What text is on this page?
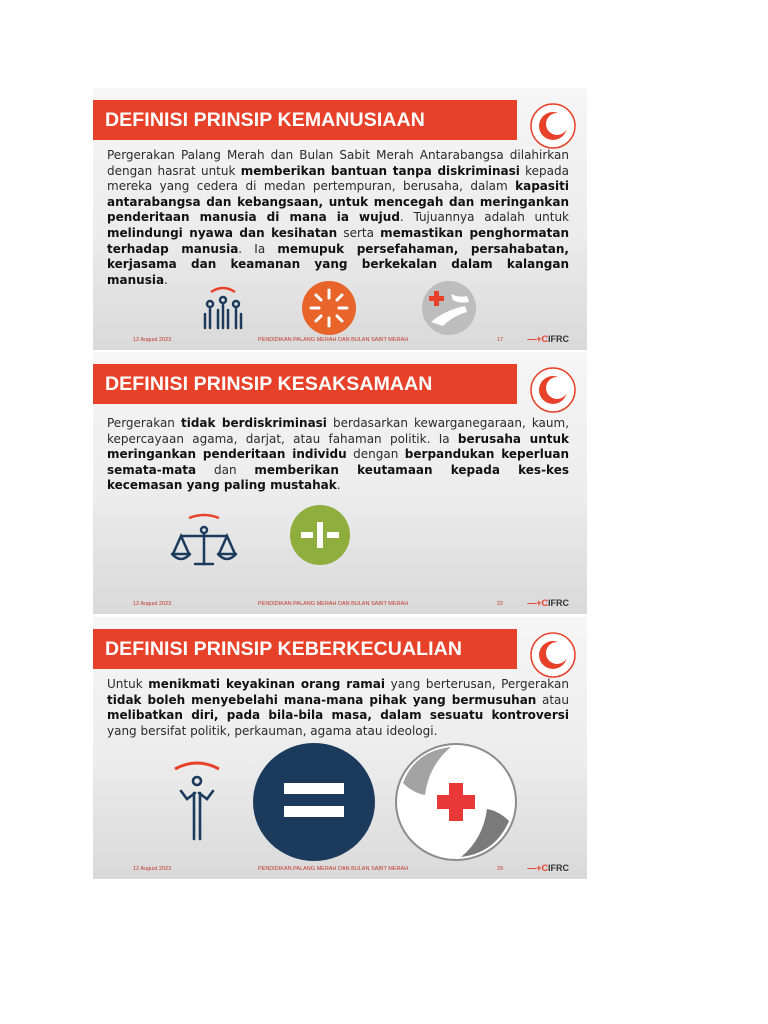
DEFINISI PRINSIP KEMANUSIAAN
Pergerakan Palang Merah dan Bulan Sabit Merah Antarabangsa dilahirkan dengan hasrat untuk memberikan bantuan tanpa diskriminasi kepada mereka yang cedera di medan pertempuran, berusaha, dalam kapasiti antarabangsa dan kebangsaan, untuk mencegah dan meringankan penderitaan manusia di mana ia wujud. Tujuannya adalah untuk melindungi nyawa dan kesihatan serta memastikan penghormatan terhadap manusia. Ia memupuk persefahaman, persahabatan, kerjasama dan keamanan yang berkekalan dalam kalangan manusia.
12 August 2023	PENDIDIKAN PALANG MERAH DAN BULAN SABIT MERAH	17	—+CIFRC
DEFINISI PRINSIP KESAKSAMAAN
Pergerakan tidak berdiskriminasi berdasarkan kewarganegaraan, kaum, kepercayaan agama, darjat, atau fahaman politik. Ia berusaha untuk meringankan penderitaan individu dengan berpandukan keperluan semata-mata dan memberikan keutamaan kepada kes-kes kecemasan yang paling mustahak.
12 August 2023	PENDIDIKAN PALANG MERAH DAN BULAN SABIT MERAH	22	—+CIFRC
DEFINISI PRINSIP KEBERKECUALIAN
Untuk menikmati keyakinan orang ramai yang berterusan, Pergerakan tidak boleh menyebelahi mana-mana pihak yang bermusuhan atau melibatkan diri, pada bila-bila masa, dalam sesuatu kontroversi yang bersifat politik, perkauman, agama atau ideologi.
12 August 2023	PENDIDIKAN PALANG MERAH DAN BULAN SABIT MERAH	29	—+CIFRC
